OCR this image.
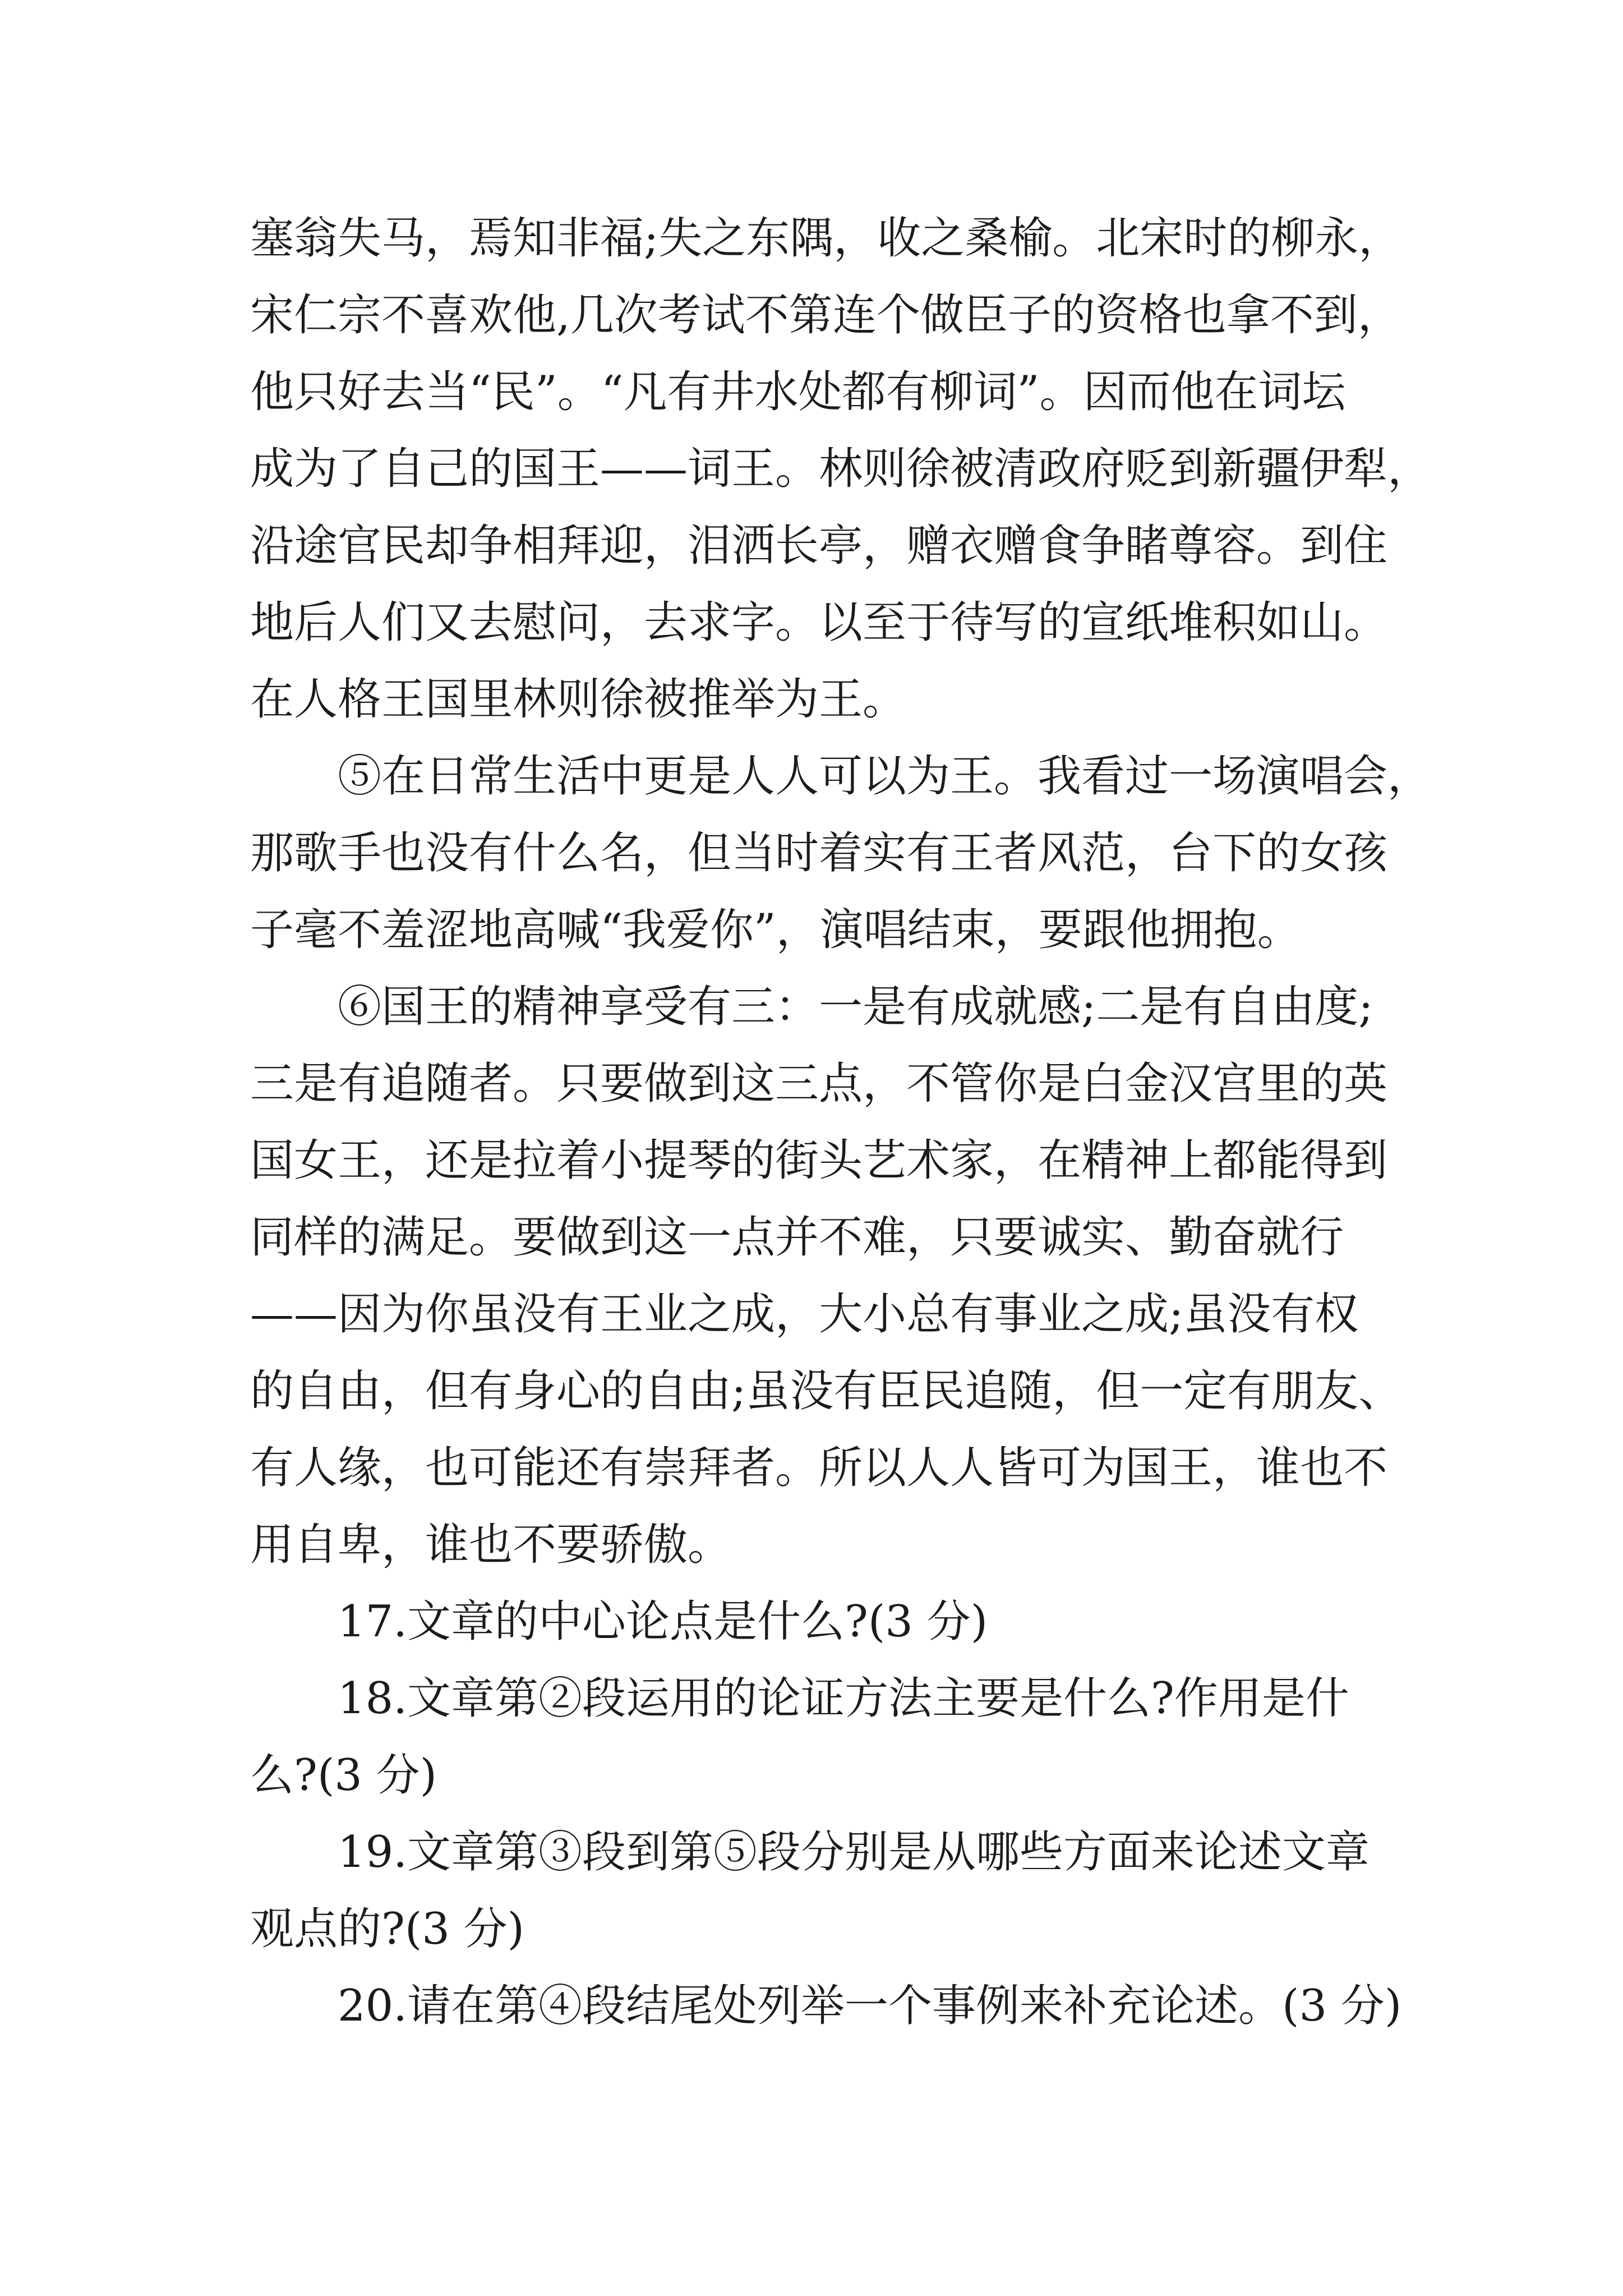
塞翁失马，焉知非福;失之东隅，收之桑榆。北宋时的柳永，
宋仁宗不喜欢他,几次考试不第连个做臣子的资格也拿不到，
他只好去当“民”。“凡有井水处都有柳词”。因而他在词坛
成为了自己的国王——词王。林则徐被清政府贬到新疆伊犁，
沿途官民却争相拜迎，泪洒长亭，赠衣赠食争睹尊容。到住
地后人们又去慰问，去求字。以至于待写的宣纸堆积如山。
在人格王国里林则徐被推举为王。
⑤在日常生活中更是人人可以为王。我看过一场演唱会，
那歌手也没有什么名，但当时着实有王者风范，台下的女孩
子毫不羞涩地高喊“我爱你”，演唱结束，要跟他拥抱。
⑥国王的精神享受有三：一是有成就感;二是有自由度;
三是有追随者。只要做到这三点，不管你是白金汉宫里的英
国女王，还是拉着小提琴的街头艺术家，在精神上都能得到
同样的满足。要做到这一点并不难，只要诚实、勤奋就行
——因为你虽没有王业之成，大小总有事业之成;虽没有权
的自由，但有身心的自由;虽没有臣民追随，但一定有朋友、
有人缘，也可能还有崇拜者。所以人人皆可为国王，谁也不
用自卑，谁也不要骄傲。
17.文章的中心论点是什么?(3 分)
18.文章第②段运用的论证方法主要是什么?作用是什
么?(3 分)
19.文章第③段到第⑤段分别是从哪些方面来论述文章
观点的?(3 分)
20.请在第④段结尾处列举一个事例来补充论述。(3 分)
